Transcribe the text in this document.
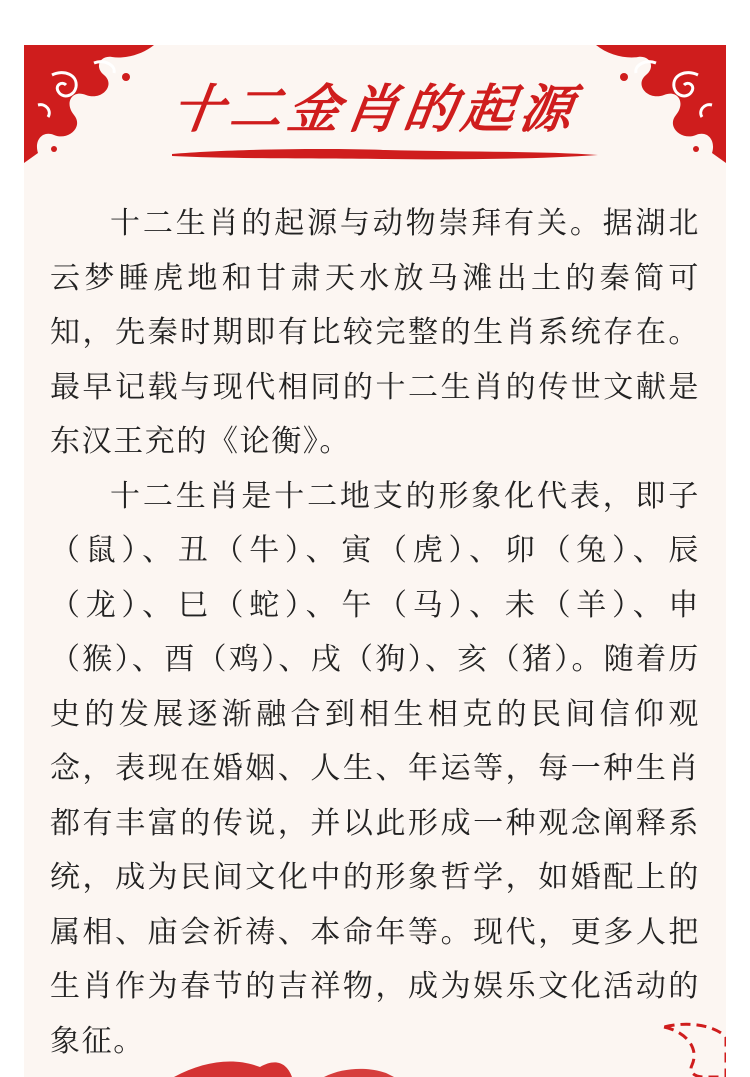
十二金肖的起源

十二生肖的起源与动物崇拜有关。据湖北云梦睡虎地和甘肃天水放马滩出土的秦简可知，先秦时期即有比较完整的生肖系统存在。最早记载与现代相同的十二生肖的传世文献是东汉王充的《论衡》。

十二生肖是十二地支的形象化代表，即子（鼠）、丑（牛）、寅（虎）、卯（兔）、辰（龙）、巳（蛇）、午（马）、未（羊）、申（猴）、酉（鸡）、戌（狗）、亥（猪）。随着历史的发展逐渐融合到相生相克的民间信仰观念，表现在婚姻、人生、年运等，每一种生肖都有丰富的传说，并以此形成一种观念阐释系统，成为民间文化中的形象哲学，如婚配上的属相、庙会祈祷、本命年等。现代，更多人把生肖作为春节的吉祥物，成为娱乐文化活动的象征。
